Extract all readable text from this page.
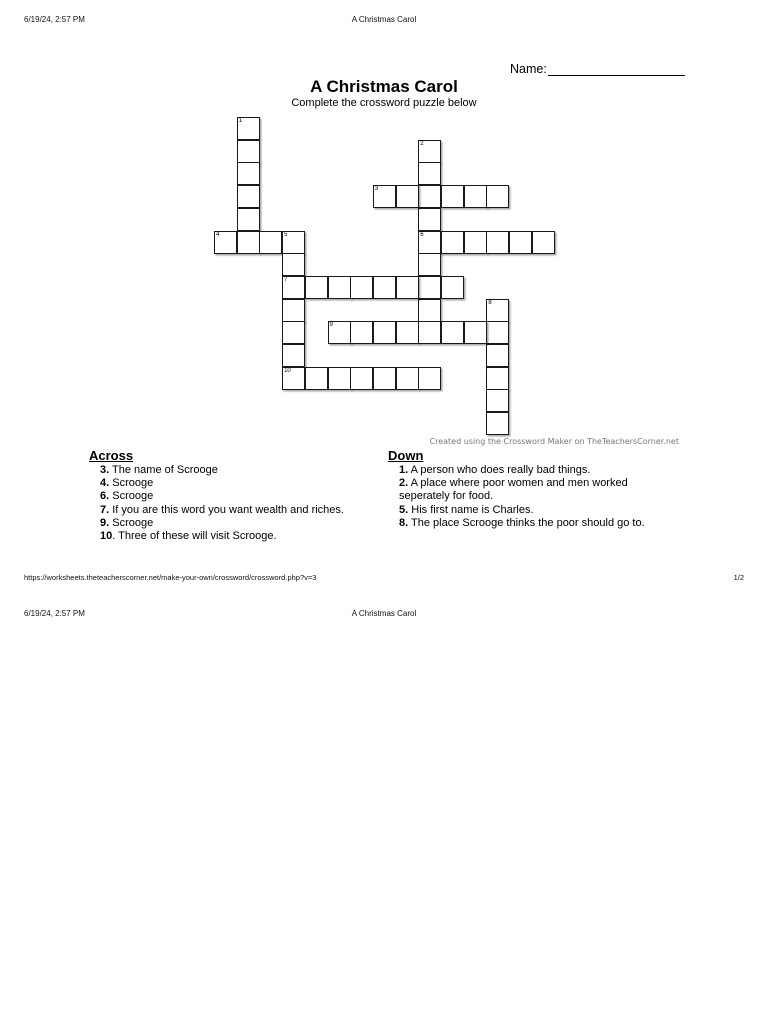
6/19/24, 2:57 PM	A Christmas Carol
Name:
A Christmas Carol
Complete the crossword puzzle below
1
2
6
3
4	5
7
10
8
9
Created using the Crossword Maker on TheTeachersCorner.net
Across
3. The name of Scrooge
4. Scrooge
6. Scrooge
7. If you are this word you want wealth and riches.
9. Scrooge
10. Three of these will visit Scrooge.
Down
1. A person who does really bad things.
2. A place where poor women and men worked seperately for food.
5. His first name is Charles.
8. The place Scrooge thinks the poor should go to.
https://worksheets.theteacherscorner.net/make-your-own/crossword/crossword.php?v=3	1/2
6/19/24, 2:57 PM	A Christmas Carol
